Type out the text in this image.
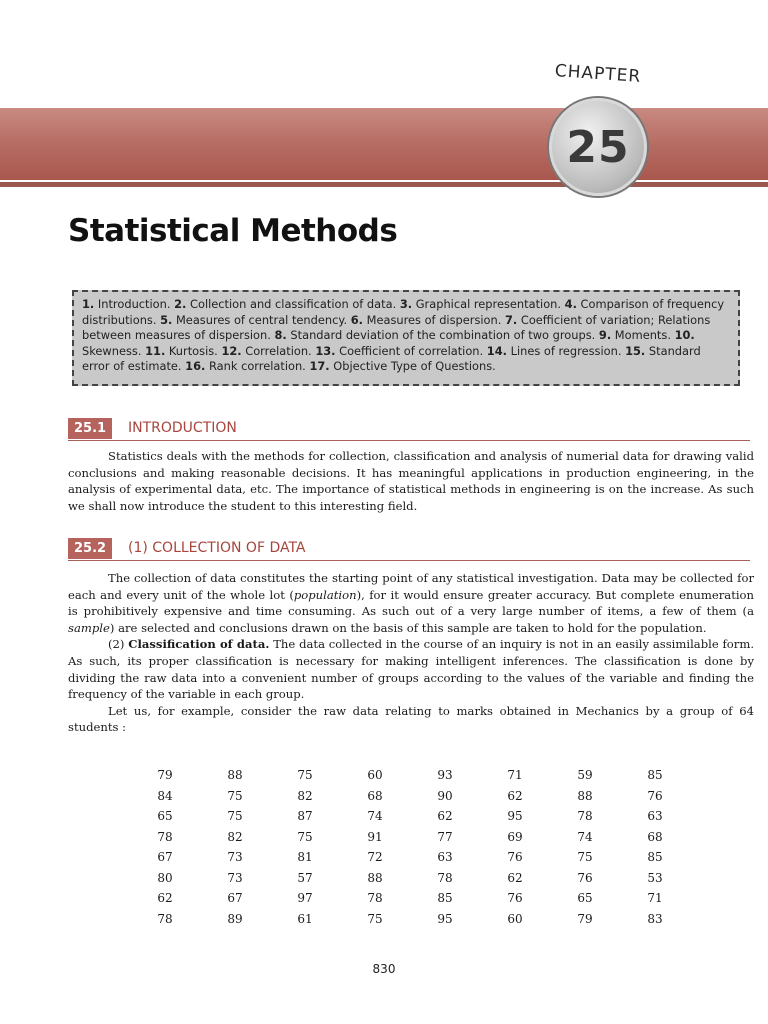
CHAPTER
25
Statistical Methods
1. Introduction. 2. Collection and classification of data. 3. Graphical representation. 4. Comparison of frequency distributions. 5. Measures of central tendency. 6. Measures of dispersion. 7. Coefficient of variation; Relations between measures of dispersion. 8. Standard deviation of the combination of two groups. 9. Moments. 10. Skewness. 11. Kurtosis. 12. Correlation. 13. Coefficient of correlation. 14. Lines of regression. 15. Standard error of estimate. 16. Rank correlation. 17. Objective Type of Questions.
25.1	INTRODUCTION

Statistics deals with the methods for collection, classification and analysis of numerial data for drawing valid conclusions and making reasonable decisions. It has meaningful applications in production engineering, in the analysis of experimental data, etc. The importance of statistical methods in engineering is on the increase. As such we shall now introduce the student to this interesting field.

25.2	(1) COLLECTION OF DATA

The collection of data constitutes the starting point of any statistical investigation. Data may be collected for each and every unit of the whole lot (population), for it would ensure greater accuracy. But complete enumeration is prohibitively expensive and time consuming. As such out of a very large number of items, a few of them (a sample) are selected and conclusions drawn on the basis of this sample are taken to hold for the population.

(2) Classification of data. The data collected in the course of an inquiry is not in an easily assimilable form. As such, its proper classification is necessary for making intelligent inferences. The classification is done by dividing the raw data into a convenient number of groups according to the values of the variable and finding the frequency of the variable in each group.

Let us, for example, consider the raw data relating to marks obtained in Mechanics by a group of 64 students :

79	88	75	60	93	71	59	85
84	75	82	68	90	62	88	76
65	75	87	74	62	95	78	63
78	82	75	91	77	69	74	68
67	73	81	72	63	76	75	85
80	73	57	88	78	62	76	53
62	67	97	78	85	76	65	71
78	89	61	75	95	60	79	83
830
